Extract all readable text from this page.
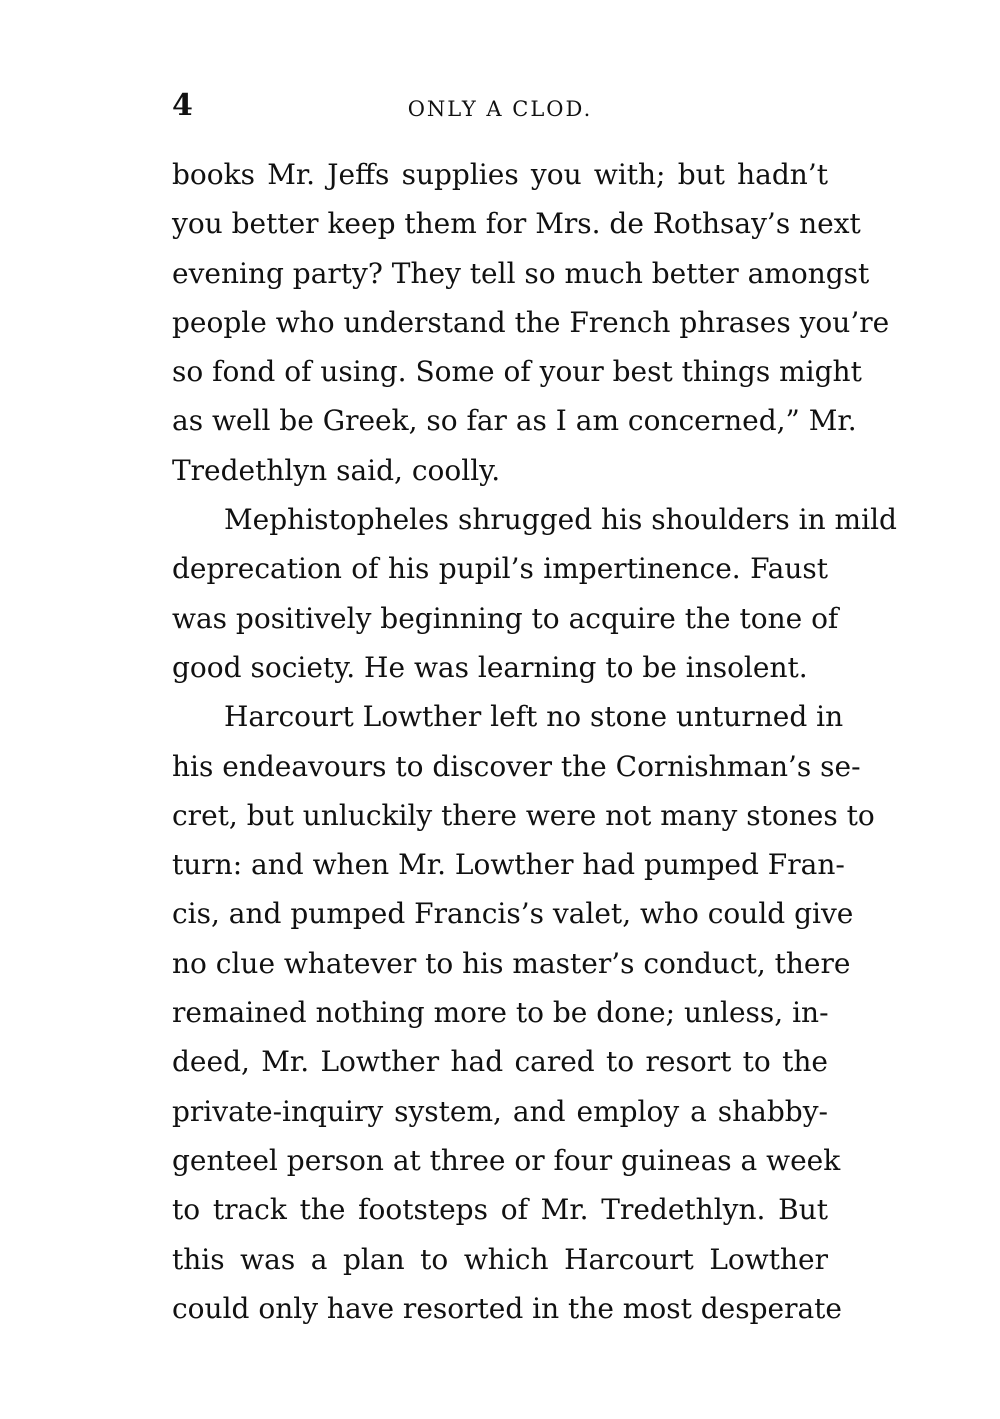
4	ONLY A CLOD.
books Mr. Jeffs supplies you with; but hadn’t
you better keep them for Mrs. de Rothsay’s next
evening party? They tell so much better amongst
people who understand the French phrases you’re
so fond of using. Some of your best things might
as well be Greek, so far as I am concerned,” Mr.
Tredethlyn said, coolly.
Mephistopheles shrugged his shoulders in mild
deprecation of his pupil’s impertinence. Faust
was positively beginning to acquire the tone of
good society. He was learning to be insolent.
Harcourt Lowther left no stone unturned in
his endeavours to discover the Cornishman’s se-
cret, but unluckily there were not many stones to
turn: and when Mr. Lowther had pumped Fran-
cis, and pumped Francis’s valet, who could give
no clue whatever to his master’s conduct, there
remained nothing more to be done; unless, in-
deed, Mr. Lowther had cared to resort to the
private-inquiry system, and employ a shabby-
genteel person at three or four guineas a week
to track the footsteps of Mr. Tredethlyn. But
this was a plan to which Harcourt Lowther
could only have resorted in the most desperate
